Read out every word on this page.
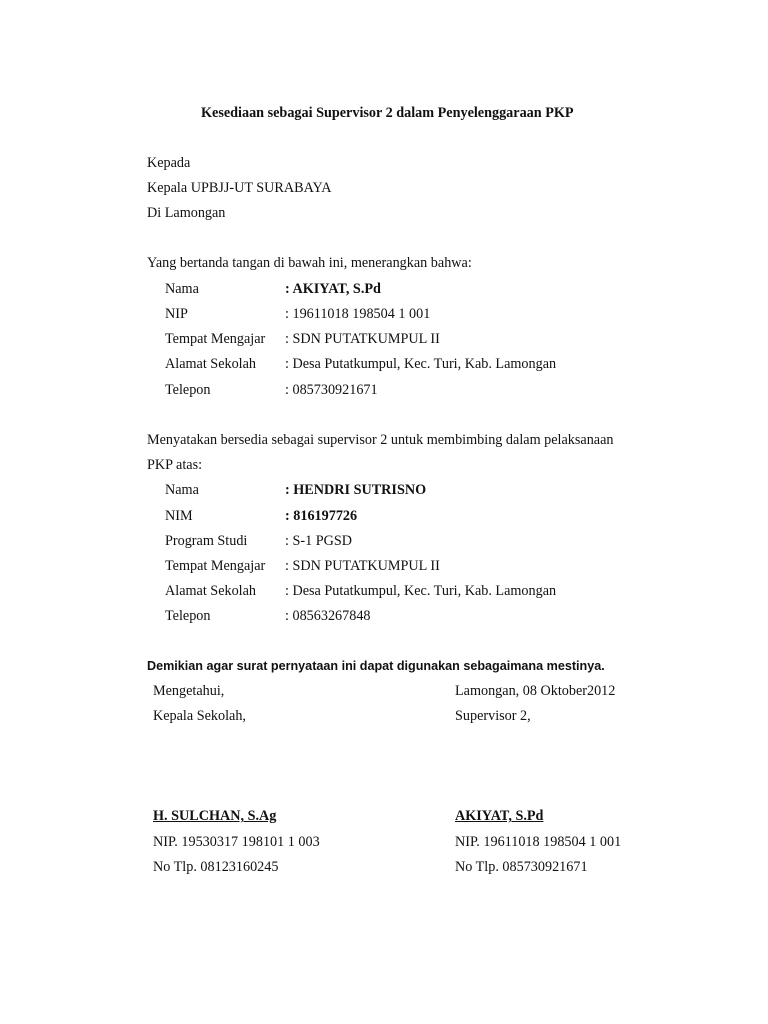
Kesediaan sebagai Supervisor 2 dalam Penyelenggaraan PKP
Kepada
Kepala UPBJJ-UT SURABAYA
Di Lamongan
Yang bertanda tangan di bawah ini, menerangkan bahwa:
Nama	: AKIYAT, S.Pd
NIP	: 19611018 198504 1 001
Tempat Mengajar : SDN PUTATKUMPUL II
Alamat Sekolah : Desa Putatkumpul, Kec. Turi, Kab. Lamongan
Telepon	: 085730921671
Menyatakan bersedia sebagai supervisor 2 untuk membimbing dalam pelaksanaan
PKP atas:
Nama	: HENDRI SUTRISNO
NIM	: 816197726
Program Studi	: S-1 PGSD
Tempat Mengajar : SDN PUTATKUMPUL II
Alamat Sekolah : Desa Putatkumpul, Kec. Turi, Kab. Lamongan
Telepon	: 08563267848
Demikian agar surat pernyataan ini dapat digunakan sebagaimana mestinya.
Mengetahui,
Kepala Sekolah,
H. SULCHAN, S.Ag
NIP. 19530317 198101 1 003
No Tlp. 08123160245
Lamongan, 08 Oktober2012
Supervisor 2,
AKIYAT, S.Pd
NIP. 19611018 198504 1 001
No Tlp. 085730921671
